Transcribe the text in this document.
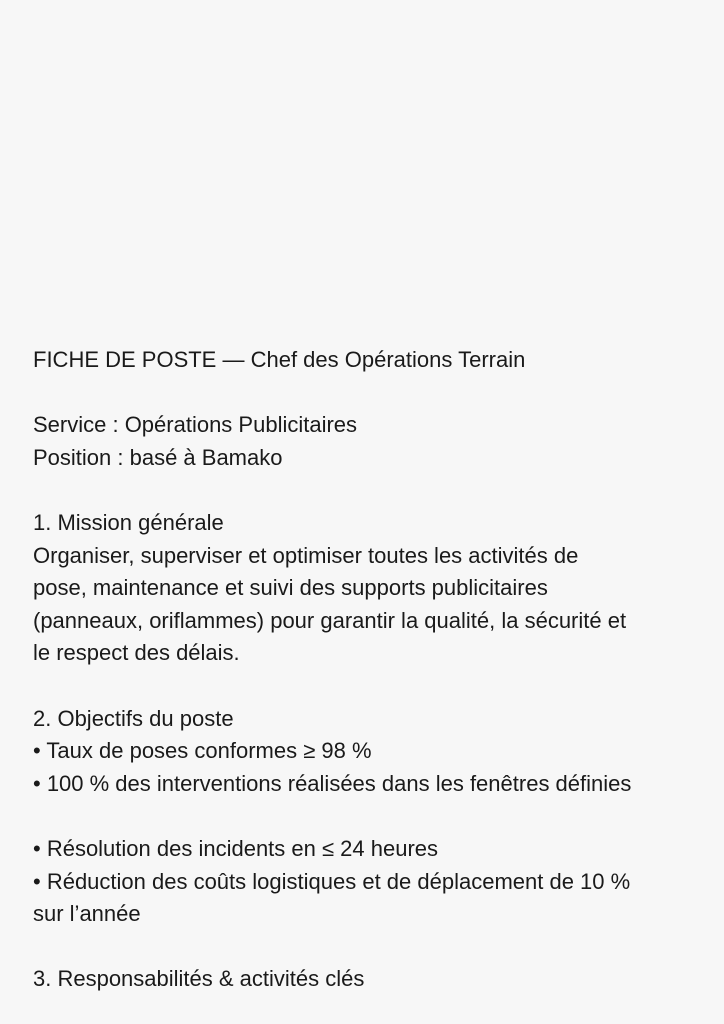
FICHE DE POSTE — Chef des Opérations Terrain
Service : Opérations Publicitaires
Position : basé à Bamako
1. Mission générale
Organiser, superviser et optimiser toutes les activités de
pose, maintenance et suivi des supports publicitaires
(panneaux, oriflammes) pour garantir la qualité, la sécurité et
le respect des délais.
2. Objectifs du poste
• Taux de poses conformes ≥ 98 %
• 100 % des interventions réalisées dans les fenêtres définies
• Résolution des incidents en ≤ 24 heures
• Réduction des coûts logistiques et de déplacement de 10 %
sur l’année
3. Responsabilités & activités clés
